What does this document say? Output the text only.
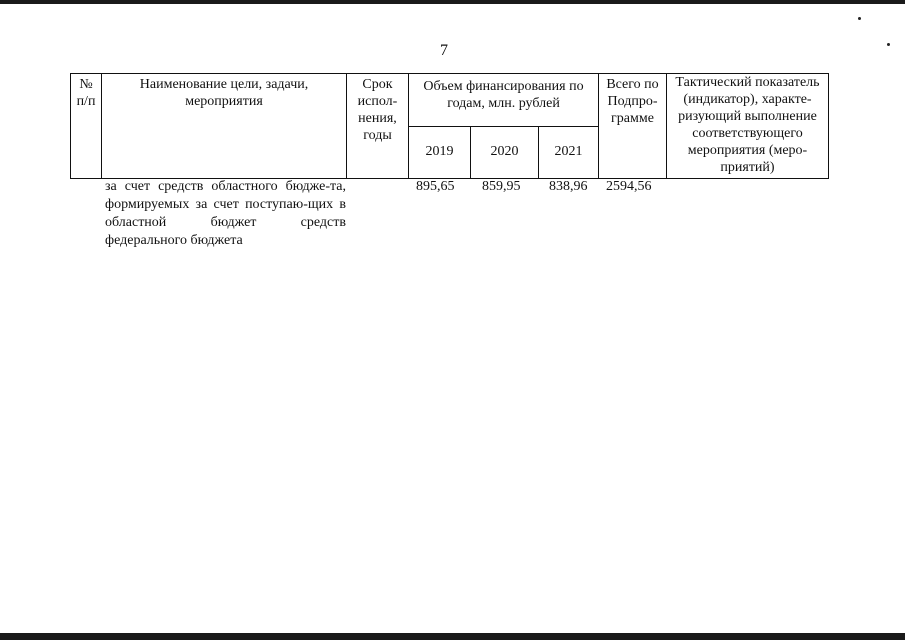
7
№ п/п
Наименование цели, задачи, мероприятия
Срок испол-нения, годы
Объем финансирования по годам, млн. рублей
2019	2020	2021
Всего по Подпро-грамме
Тактический показатель (индикатор), характе-ризующий выполнение соответствующего мероприятия (меро-приятий)
за счет средств областного бюдже-та, формируемых за счет поступаю-щих в областной бюджет средств федерального бюджета
895,65 859,95 838,96 2594,56
